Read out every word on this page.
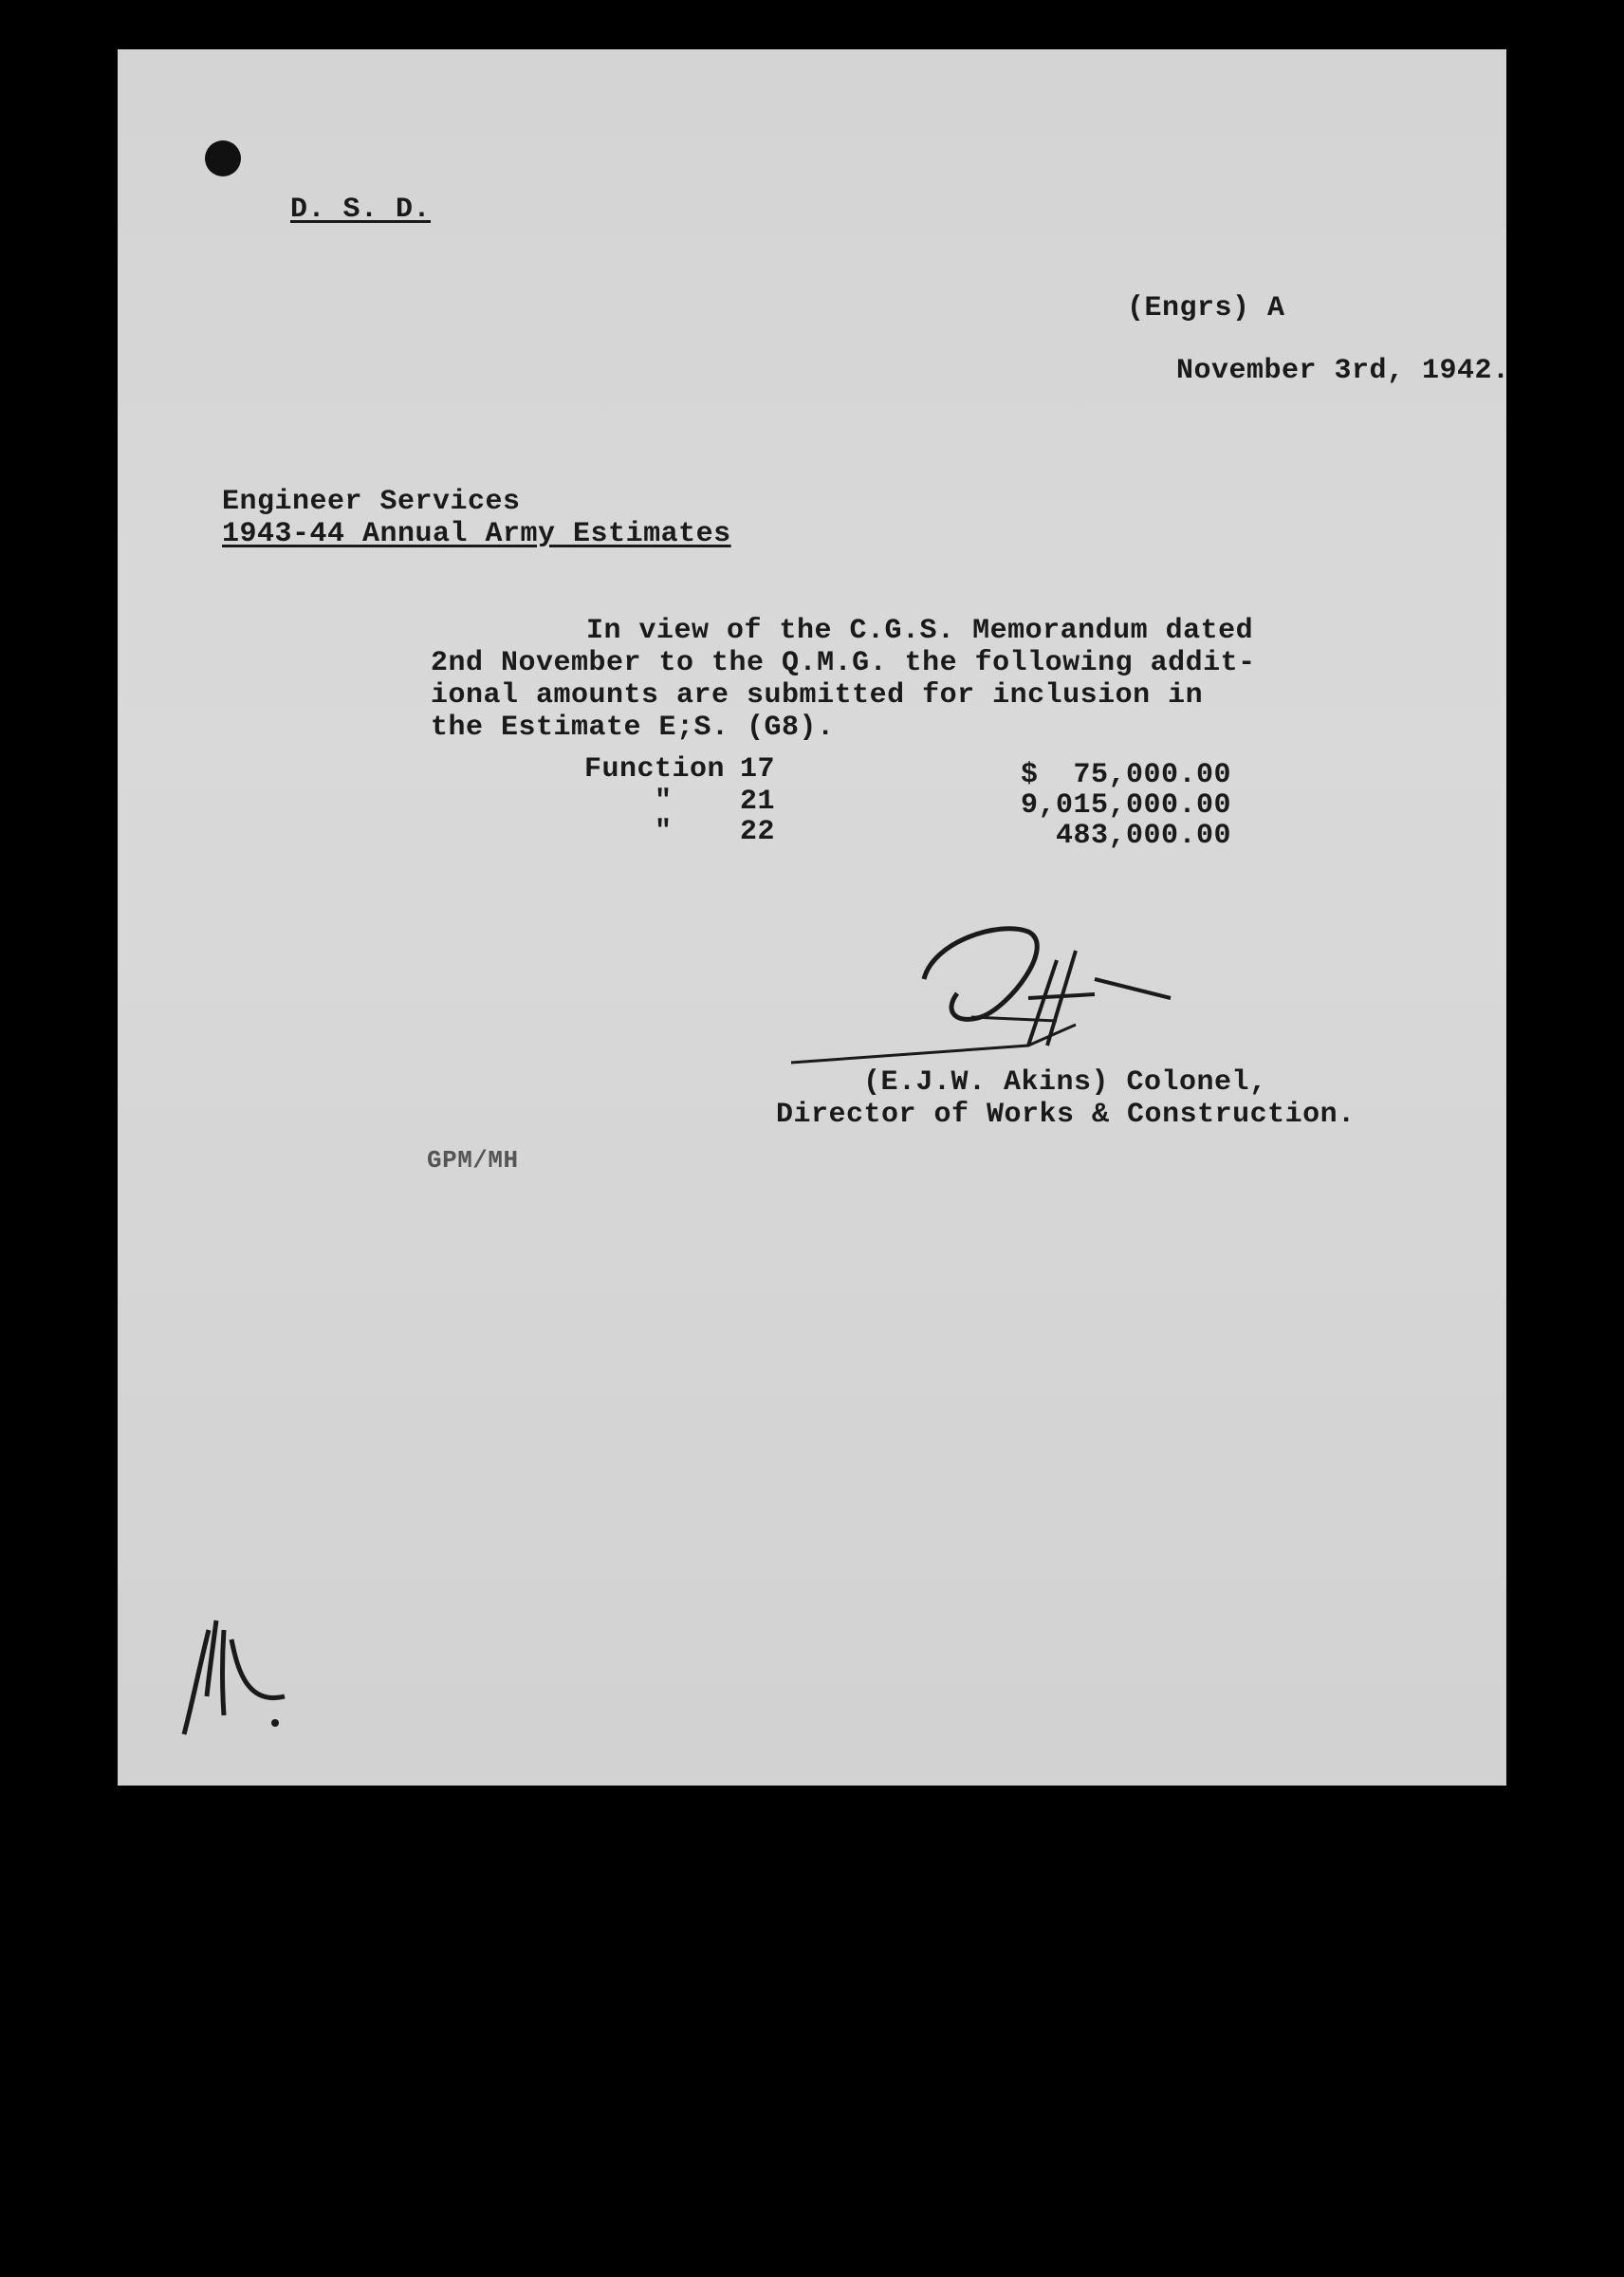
D. S. D.
(Engrs) A
November 3rd, 1942.
Engineer Services
1943-44 Annual Army Estimates
In view of the C.G.S. Memorandum dated
2nd November to the Q.M.G. the following addit-
ional amounts are submitted for inclusion in
the Estimate E;S. (G8).
Function 17	$  75,000.00
" 21	9,015,000.00
" 22	483,000.00
(E.J.W. Akins) Colonel,
Director of Works & Construction.
GPM/MH
